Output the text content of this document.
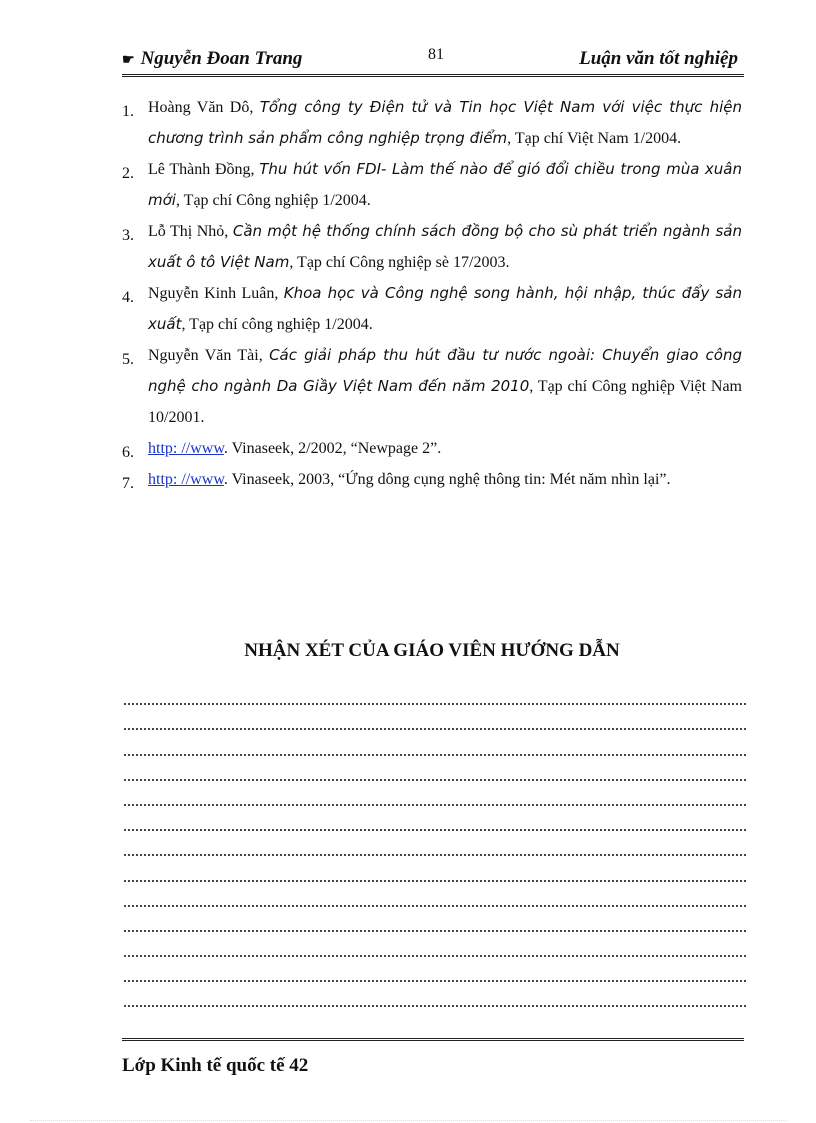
☛ Nguyễn Đoan Trang	81	Luận văn tốt nghiệp
1. Hoàng Văn Dô, Tổng công ty Điện tử và Tin học Việt Nam với việc thực hiện chương trình sản phẩm công nghiệp trọng điểm, Tạp chí Việt Nam 1/2004.
2. Lê Thành Đồng, Thu hút vốn FDI- Làm thế nào để gió đổi chiều trong mùa xuân mới, Tạp chí Công nghiệp 1/2004.
3. Lỗ Thị Nhỏ, Cần một hệ thống chính sách đồng bộ cho sù phát triển ngành sản xuất ô tô Việt Nam, Tạp chí Công nghiệp sè 17/2003.
4. Nguyễn Kinh Luân, Khoa học và Công nghệ song hành, hội nhập, thúc đẩy sản xuất, Tạp chí công nghiệp 1/2004.
5. Nguyễn Văn Tài, Các giải pháp thu hút đầu tư nước ngoài: Chuyển giao công nghệ cho ngành Da Giầy Việt Nam đến năm 2010, Tạp chí Công nghiệp Việt Nam 10/2001.
6. http: //www. Vinaseek, 2/2002, “Newpage 2”.
7. http: //www. Vinaseek, 2003, “Ứng dông cụng nghệ thông tin: Mét năm nhìn lại”.
NHẬN XÉT CỦA GIÁO VIÊN HƯỚNG DẪN
Lớp Kinh tế quốc tế 42
